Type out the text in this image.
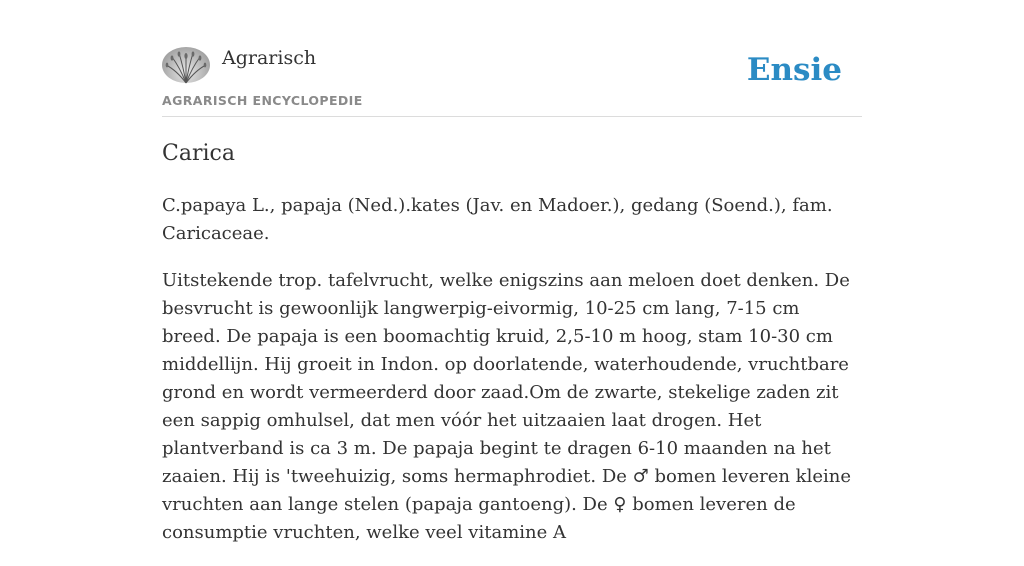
Agrarisch
AGRARISCH ENCYCLOPEDIE
Ensie
Carica

C.papaya L., papaja (Ned.).kates (Jav. en Madoer.), gedang (Soend.), fam. Caricaceae.

Uitstekende trop. tafelvrucht, welke enigszins aan meloen doet denken. De besvrucht is gewoonlijk langwerpig-eivormig, 10-25 cm lang, 7-15 cm breed. De papaja is een boomachtig kruid, 2,5-10 m hoog, stam 10-30 cm middellijn. Hij groeit in Indon. op doorlatende, waterhoudende, vruchtbare grond en wordt vermeerderd door zaad.Om de zwarte, stekelige zaden zit een sappig omhulsel, dat men vóór het uitzaaien laat drogen. Het plantverband is ca 3 m. De papaja begint te dragen 6-10 maanden na het zaaien. Hij is 'tweehuizig, soms hermaphrodiet. De ♂ bomen leveren kleine vruchten aan lange stelen (papaja gantoeng). De ♀ bomen leveren de consumptie vruchten, welke veel vitamine A
